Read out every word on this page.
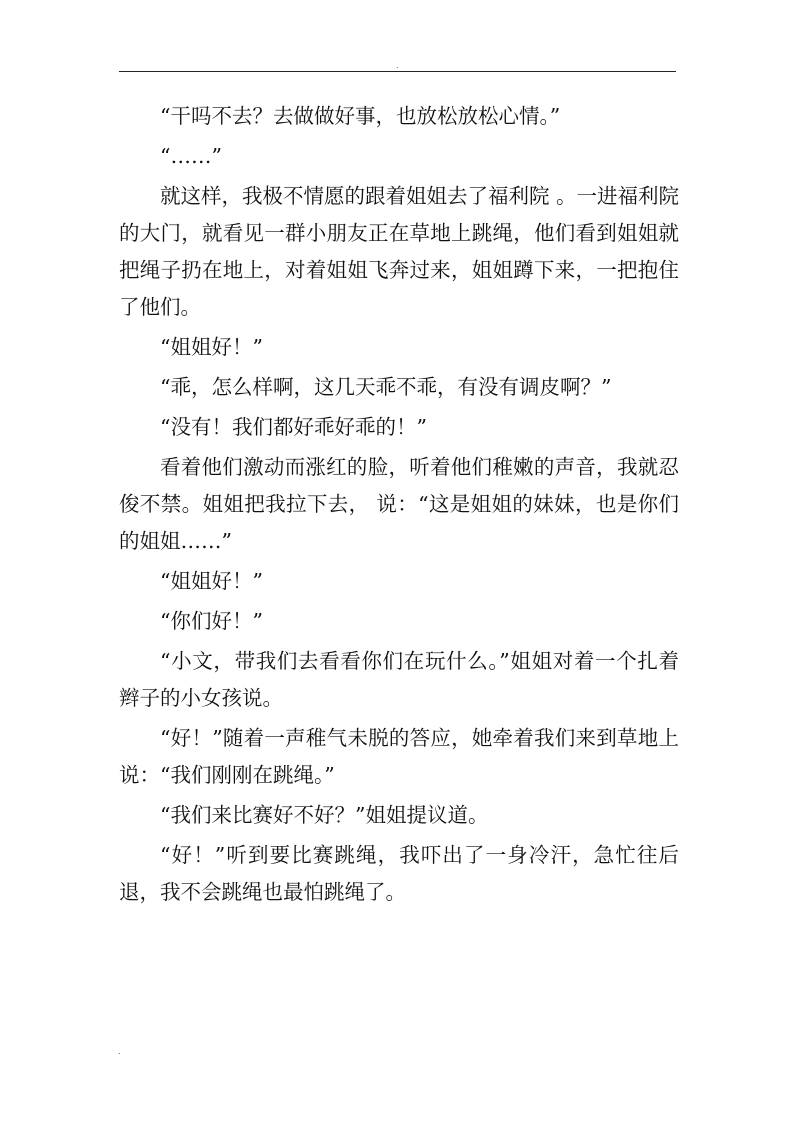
.

“干吗不去？去做做好事，也放松放松心情。”

“……”

就这样，我极不情愿的跟着姐姐去了福利院 。一进福利院的大门，就看见一群小朋友正在草地上跳绳，他们看到姐姐就把绳子扔在地上，对着姐姐飞奔过来，姐姐蹲下来，一把抱住了他们。

“姐姐好！”

“乖，怎么样啊，这几天乖不乖，有没有调皮啊？”

“没有！我们都好乖好乖的！”

看着他们激动而涨红的脸，听着他们稚嫩的声音，我就忍俊不禁。姐姐把我拉下去， 说：“这是姐姐的妹妹，也是你们的姐姐……”

“姐姐好！”

“你们好！”

“小文，带我们去看看你们在玩什么。”姐姐对着一个扎着辫子的小女孩说。

“好！”随着一声稚气未脱的答应，她牵着我们来到草地上说：“我们刚刚在跳绳。”

“我们来比赛好不好？”姐姐提议道。

“好！”听到要比赛跳绳，我吓出了一身冷汗，急忙往后退，我不会跳绳也最怕跳绳了。

.
